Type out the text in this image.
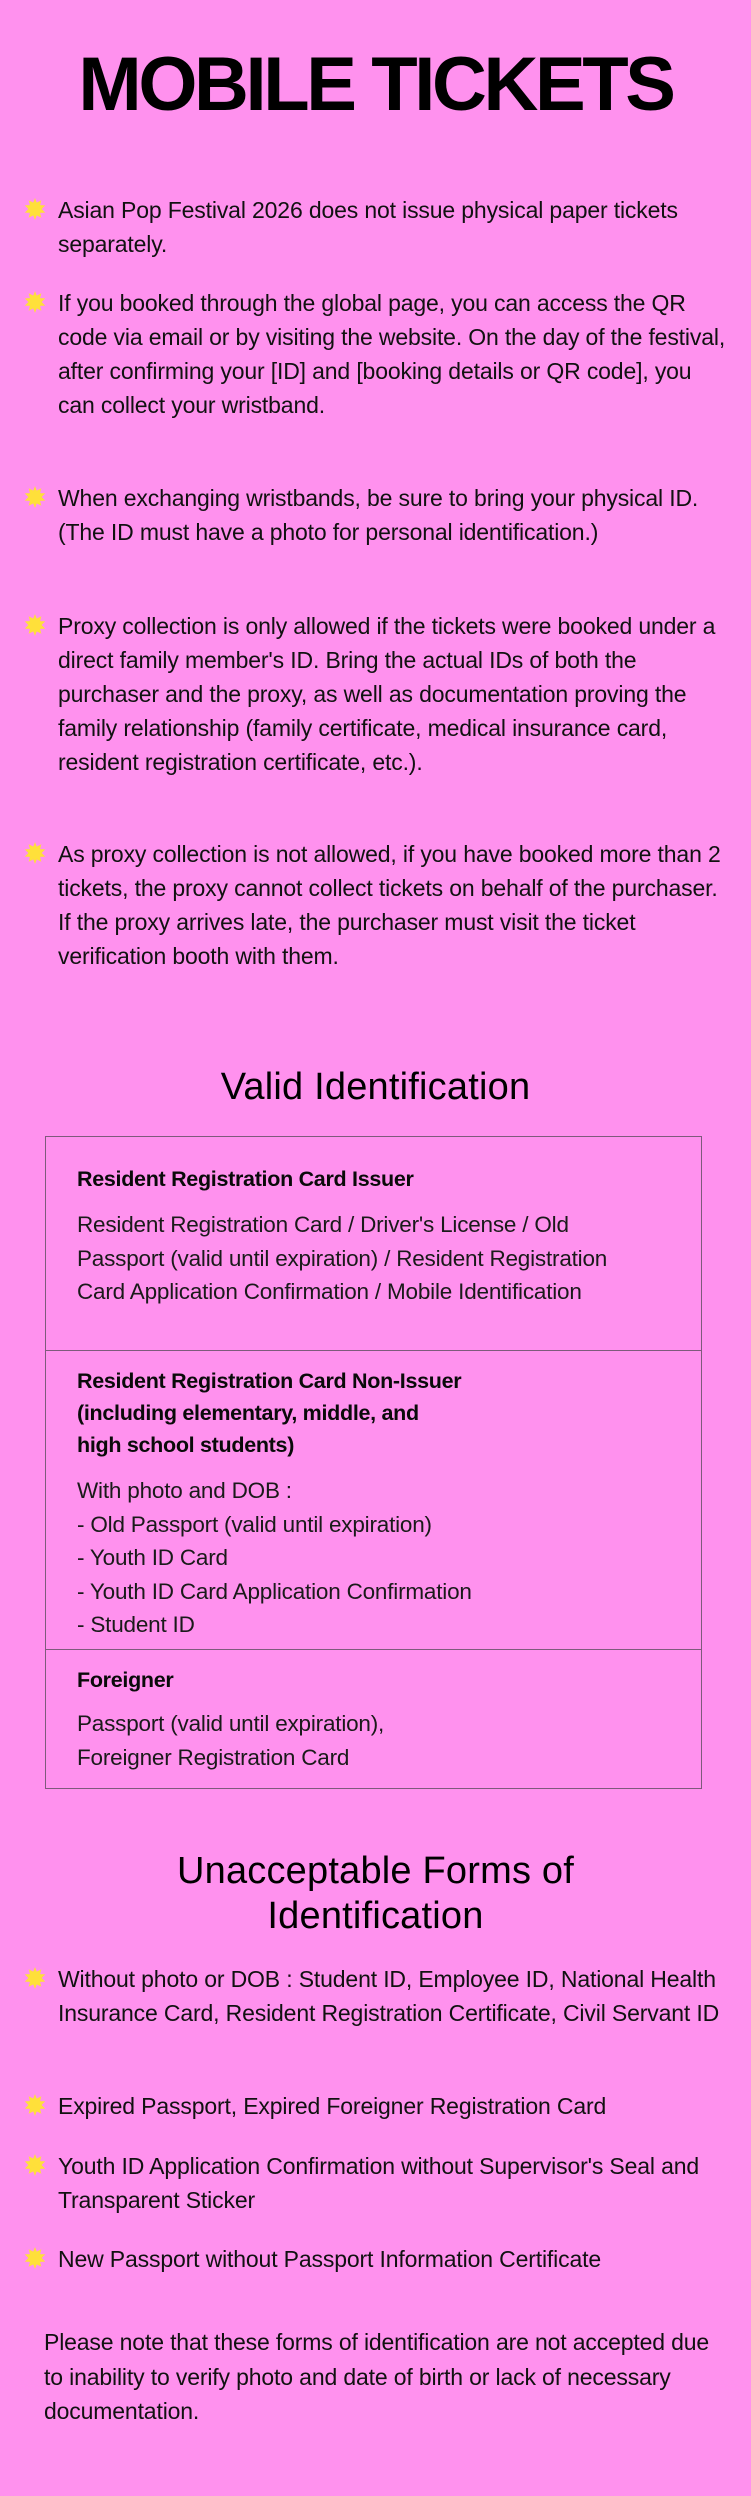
MOBILE TICKETS
Asian Pop Festival 2026 does not issue physical paper tickets separately.
If you booked through the global page, you can access the QR code via email or by visiting the website. On the day of the festival, after confirming your [ID] and [booking details or QR code], you can collect your wristband.
When exchanging wristbands, be sure to bring your physical ID. (The ID must have a photo for personal identification.)
Proxy collection is only allowed if the tickets were booked under a direct family member's ID. Bring the actual IDs of both the purchaser and the proxy, as well as documentation proving the family relationship (family certificate, medical insurance card, resident registration certificate, etc.).
As proxy collection is not allowed, if you have booked more than 2 tickets, the proxy cannot collect tickets on behalf of the purchaser. If the proxy arrives late, the purchaser must visit the ticket verification booth with them.
Valid Identification
Resident Registration Card Issuer
Resident Registration Card / Driver's License / Old Passport (valid until expiration) / Resident Registration Card Application Confirmation / Mobile Identification
Resident Registration Card Non-Issuer
(including elementary, middle, and
high school students)
With photo and DOB :
- Old Passport (valid until expiration)
- Youth ID Card
- Youth ID Card Application Confirmation
- Student ID
Foreigner
Passport (valid until expiration),
Foreigner Registration Card
Unacceptable Forms of Identification
Without photo or DOB : Student ID, Employee ID, National Health Insurance Card, Resident Registration Certificate, Civil Servant ID
Expired Passport, Expired Foreigner Registration Card
Youth ID Application Confirmation without Supervisor's Seal and Transparent Sticker
New Passport without Passport Information Certificate

Please note that these forms of identification are not accepted due to inability to verify photo and date of birth or lack of necessary documentation.
